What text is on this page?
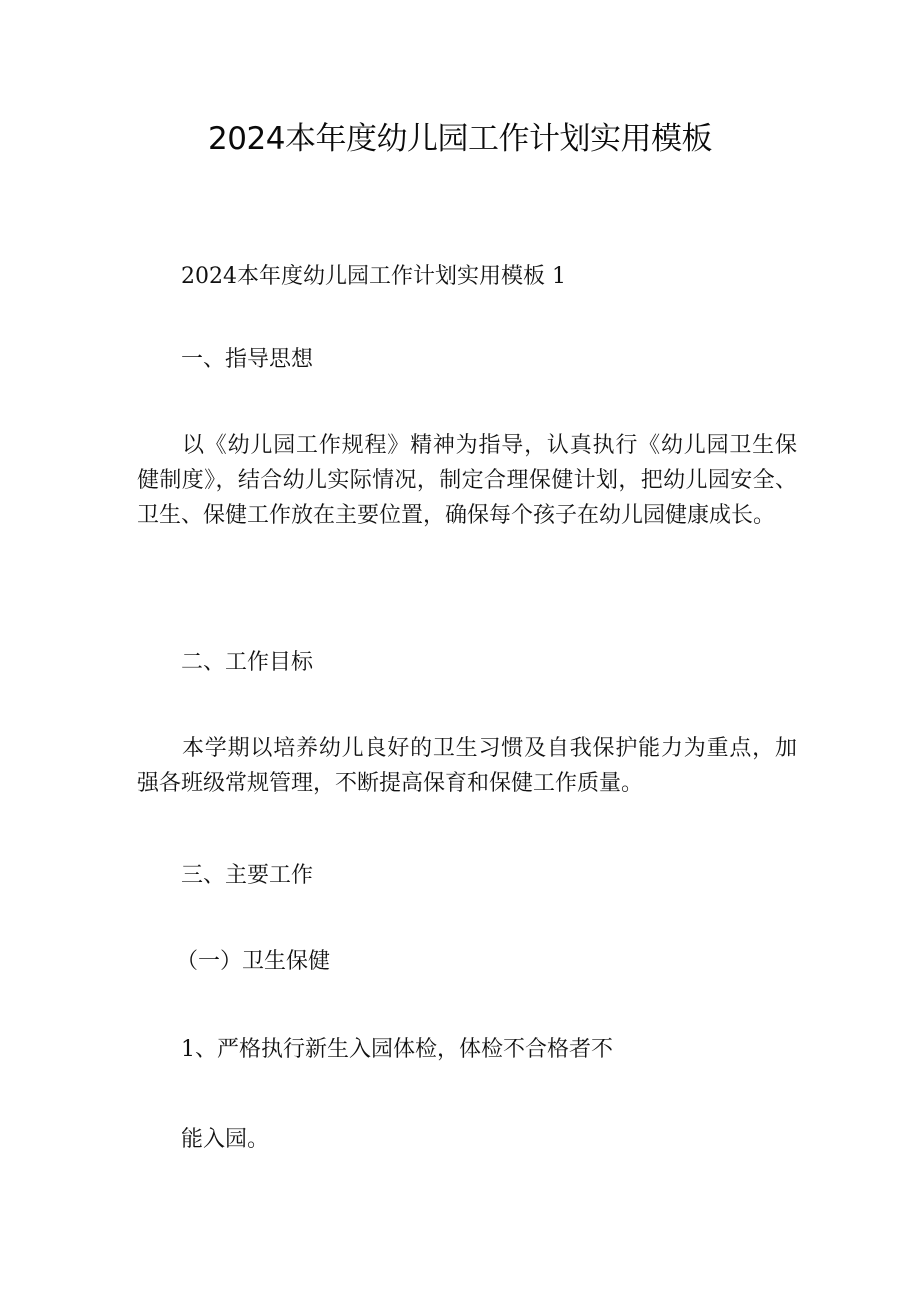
2024本年度幼儿园工作计划实用模板
2024本年度幼儿园工作计划实用模板 1
一、指导思想
以《幼儿园工作规程》精神为指导，认真执行《幼儿园卫生保健制度》，结合幼儿实际情况，制定合理保健计划，把幼儿园安全、卫生、保健工作放在主要位置，确保每个孩子在幼儿园健康成长。
二、工作目标
本学期以培养幼儿良好的卫生习惯及自我保护能力为重点，加强各班级常规管理，不断提高保育和保健工作质量。
三、主要工作
（一）卫生保健
1、严格执行新生入园体检，体检不合格者不
能入园。
